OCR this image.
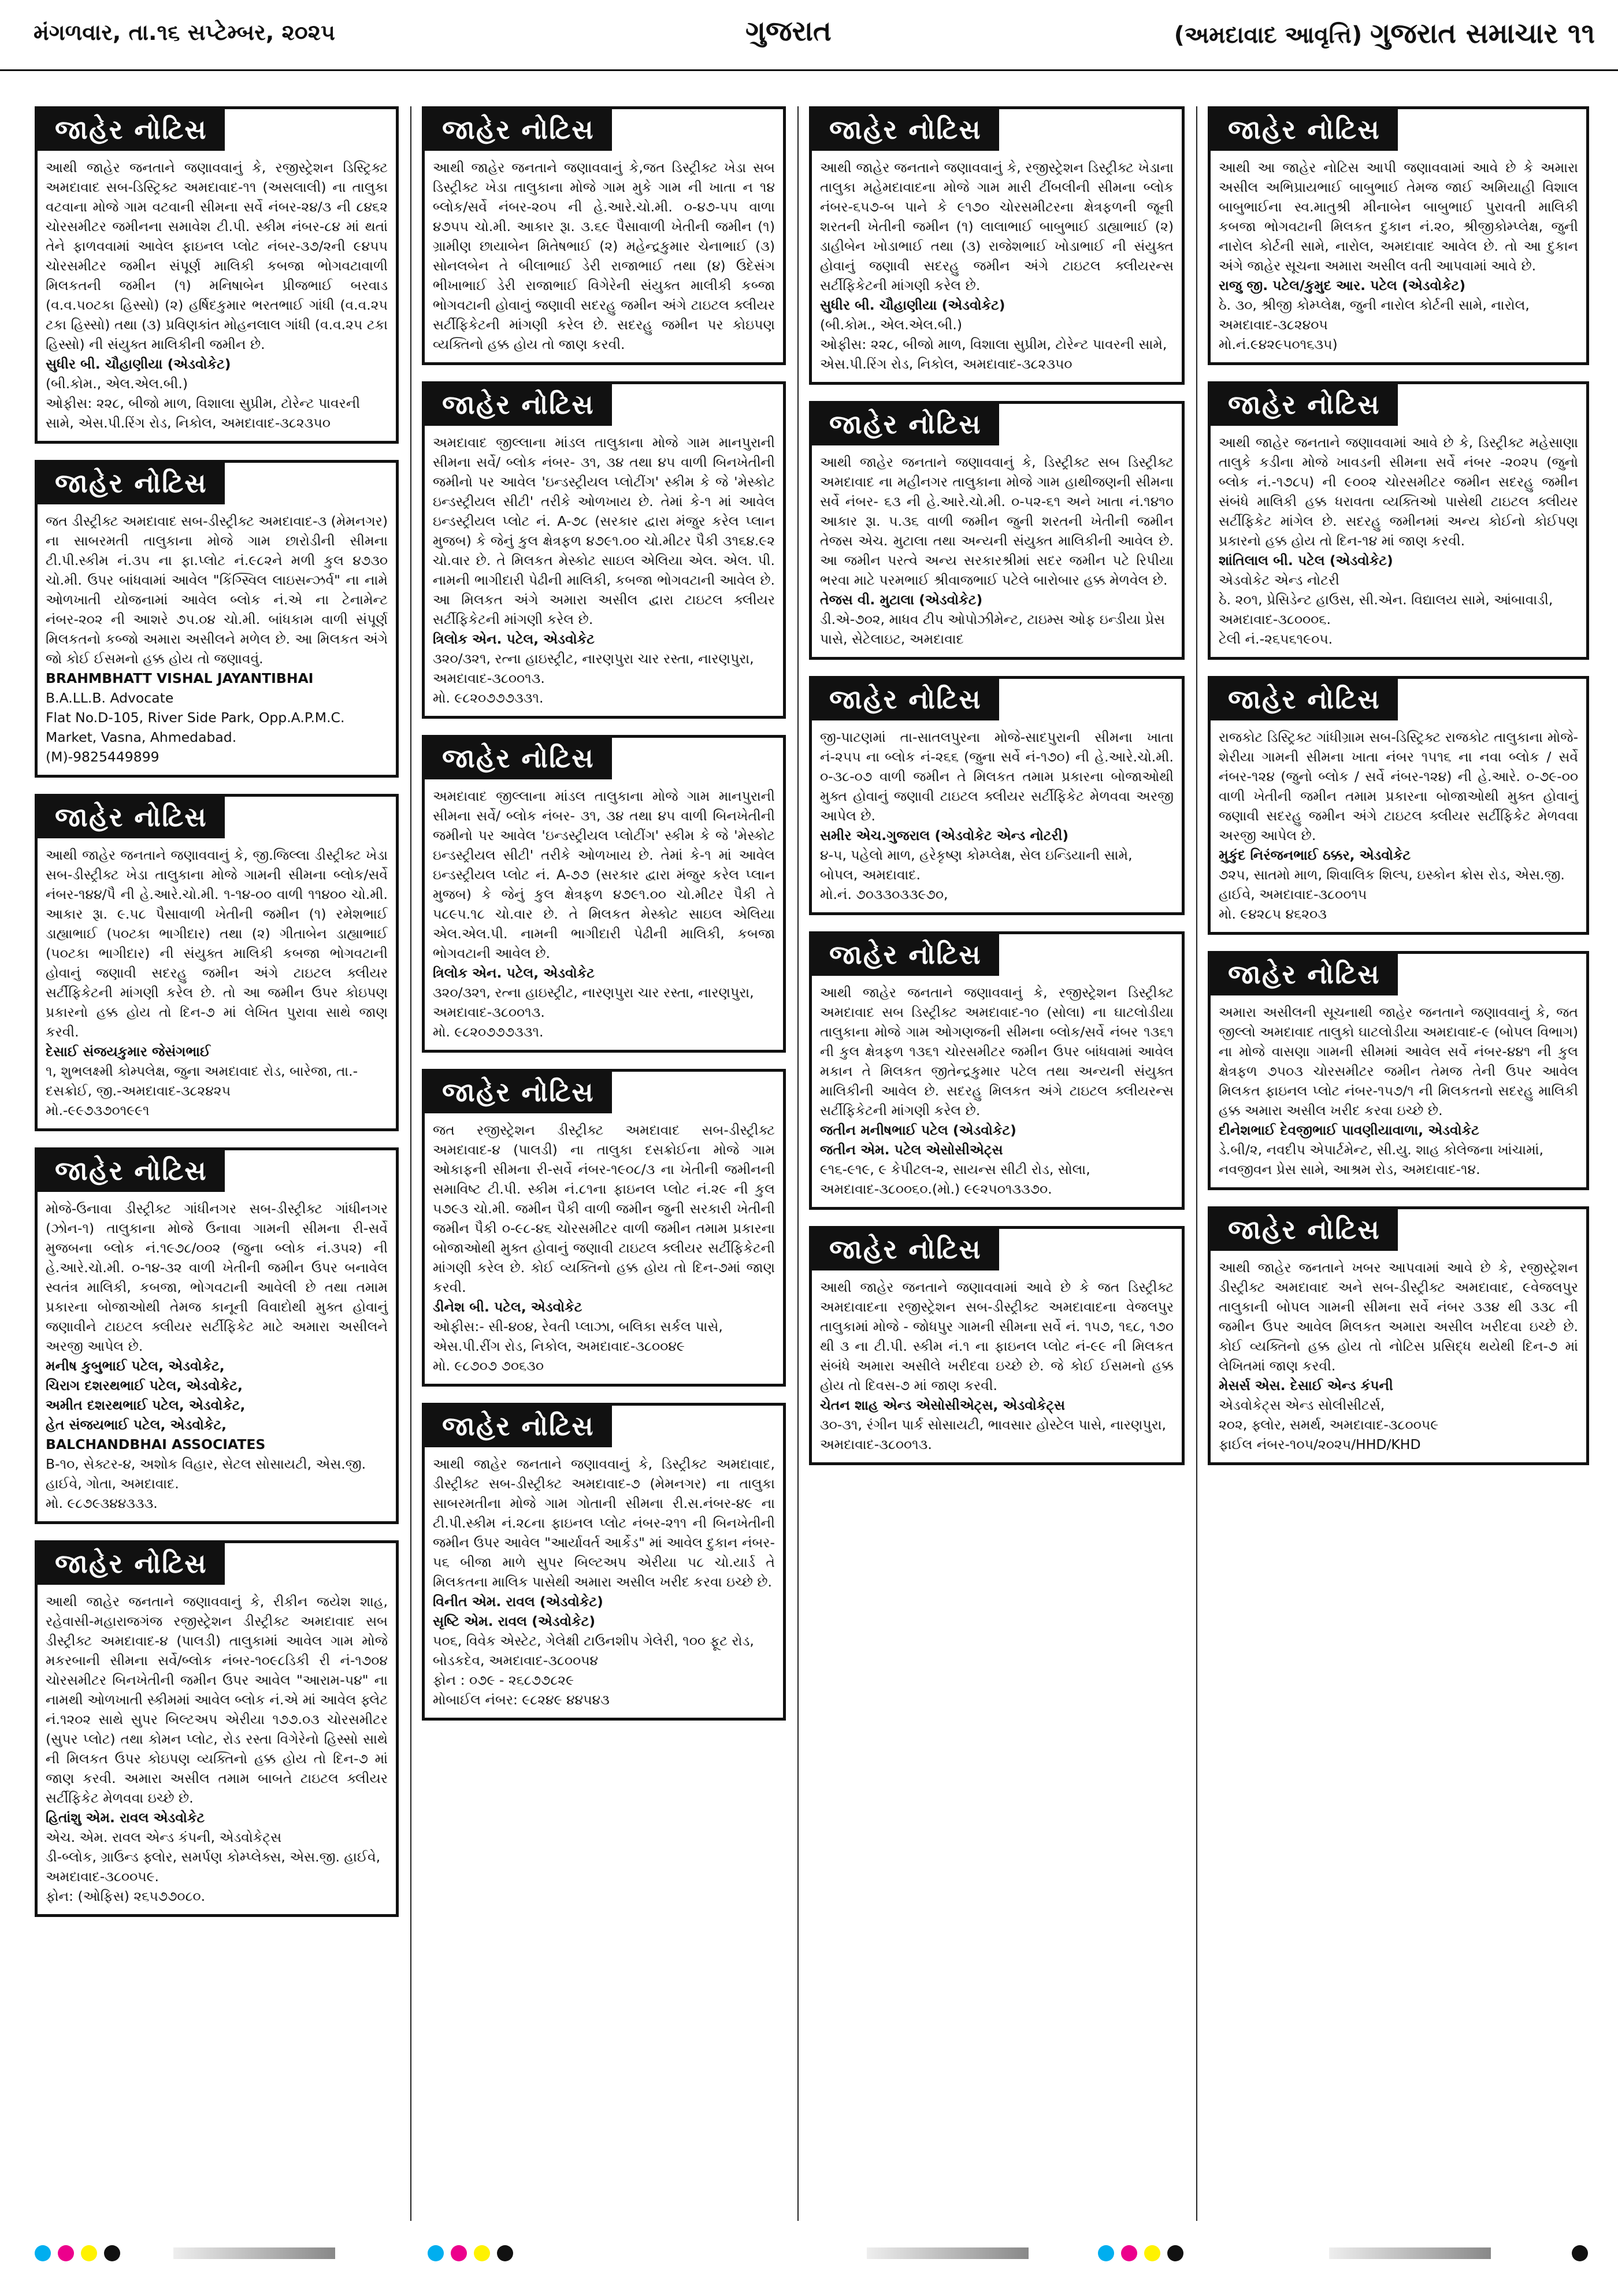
મંગળવાર, તા.૧૬ સપ્ટેમ્બર, ૨૦૨૫	ગુજરાત	(અમદાવાદ આવૃત્તિ) ગુજરાત સમાચાર ૧૧
જાહેર નોટિસ
આથી જાહેર જનતાને જણાવવાનું કે, રજીસ્ટ્રેશન ડિસ્ટ્રિક્ટ અમદાવાદ સબ-ડિસ્ટ્રિક્ટ અમદાવાદ-૧૧ (અસલાલી) ના તાલુકા વટવાના મોજે ગામ વટવાની સીમના સર્વે નંબર-૨૪/૩ ની ૮૪૬૨ ચોરસમીટર જમીનના સમાવેશ ટી.પી. સ્કીમ નંબર-૮૪ માં થતાં તેને ફાળવવામાં આવેલ ફાઇનલ પ્લોટ નંબર-૩૭/૨ની ૯૪૫૫ ચોરસમીટર જમીન સંપૂર્ણ માલિકી કબજા ભોગવટાવાળી મિલકતની જમીન (૧) મનિષાબેન પ્રીજભાઈ બરવાડ (વ.વ.૫૦ટકા હિસ્સો) (૨) હર્ષિદકુમાર ભરતભાઈ ગાંધી (વ.વ.૨૫ ટકા હિસ્સો) તથા (૩) પ્રવિણકાંત મોહનલાલ ગાંધી (વ.વ.૨૫ ટકા હિસ્સો) ની સંયુક્ત માલિકીની જમીન છે.
સુધીર બી. ચૌહાણીયા (એડવોકેટ)
(બી.કોમ., એલ.એલ.બી.)
ઓફીસ: ૨૨૮, બીજો માળ, વિશાલા સુપ્રીમ, ટોરેન્ટ પાવરની સામે, એસ.પી.રિંગ રોડ, નિકોલ, અમદાવાદ-૩૮૨૩૫૦
જાહેર નોટિસ
જત ડીસ્ટ્રીક્ટ અમદાવાદ સબ-ડીસ્ટ્રીક્ટ અમદાવાદ-૩ (મેમનગર) ના સાબરમતી તાલુકાના મોજે ગામ છારોડીની સીમના ટી.પી.સ્કીમ નં.૩૫ ના ફા.પ્લોટ નં.૯૮૨ને મળી કુલ ૪૭૩૦ ચો.મી. ઉપર બાંધવામાં આવેલ "કિંગ્સ્વિલ લાઇસન્ઝર્વ" ના નામે ઓળખાતી યોજનામાં આવેલ બ્લોક નં.એ ના ટેનામેન્ટ નંબર-૨૦૨ ની આશરે ૭૫.૦૪ ચો.મી. બાંધકામ વાળી સંપૂર્ણ મિલકતનો કબ્જો અમારા અસીલને મળેલ છે. આ મિલકત અંગે જો કોઈ ઈસમનો હક્ક હોય તો જણાવવું.
BRAHMBHATT VISHAL JAYANTIBHAI
B.A.LL.B. Advocate
Flat No.D-105, River Side Park, Opp.A.P.M.C. Market, Vasna, Ahmedabad.
(M)-9825449899
જાહેર નોટિસ
આથી જાહેર જનતાને જણાવવાનું કે, જી.જિલ્લા ડીસ્ટ્રીક્ટ ખેડા સબ-ડીસ્ટ્રીક્ટ ખેડા તાલુકાના મોજે ગામની સીમના બ્લોક/સર્વે નંબર-૧૪૪/પૈ ની હે.આરે.ચો.મી. ૧-૧૪-૦૦ વાળી ૧૧૪૦૦ ચો.મી. આકાર રૂા. ૯.૫૮ પૈસાવાળી ખેતીની જમીન (૧) રમેશભાઈ ડાહ્યાભાઈ (૫૦ટકા ભાગીદાર) તથા (૨) ગીતાબેન ડાહ્યાભાઈ (૫૦ટકા ભાગીદાર) ની સંયુક્ત માલિકી કબજા ભોગવટાની હોવાનું જણાવી સદરહુ જમીન અંગે ટાઇટલ ક્લીયર સર્ટીફિકેટની માંગણી કરેલ છે. તો આ જમીન ઉપર કોઇપણ પ્રકારનો હક્ક હોય તો દિન-૭ માં લેખિત પુરાવા સાથે જાણ કરવી.
દેસાઈ સંજયકુમાર જેસંગભાઈ
૧, શુભલક્ષ્મી કોમ્પલેક્ષ, જુના અમદાવાદ રોડ, બારેજા, તા.-દસક્રોઈ, જી.-અમદાવાદ-૩૮૨૪૨૫
મો.-૯૯૭૩૭૦૧૯૯૧
જાહેર નોટિસ
મોજે-ઉનાવા ડીસ્ટ્રીક્ટ ગાંધીનગર સબ-ડીસ્ટ્રીક્ટ ગાંધીનગર (ઝોન-૧) તાલુકાના મોજે ઉનાવા ગામની સીમના રી-સર્વે મુજબના બ્લોક નં.૧૯૭૮/૦૦૨ (જુના બ્લોક નં.૩૫૨) ની હે.આરે.ચો.મી. ૦-૧૪-૩૨ વાળી ખેતીની જમીન ઉપર બનાવેલ સ્વતંત્ર માલિકી, કબજા, ભોગવટાની આવેલી છે તથા તમામ પ્રકારના બોજાઓથી તેમજ કાનૂની વિવાદોથી મુક્ત હોવાનું જણાવીને ટાઇટલ ક્લીયર સર્ટીફિકેટ માટે અમારા અસીલને અરજી આપેલ છે.
મનીષ કુબુભાઈ પટેલ, એડવોકેટ,
ચિરાગ દશરથભાઈ પટેલ, એડવોકેટ,
અમીત દશરથભાઈ પટેલ, એડવોકેટ,
હેત સંજયભાઈ પટેલ, એડવોકેટ,
BALCHANDBHAI ASSOCIATES
B-૧૦, સેક્ટર-૪, અશોક વિહાર, સેટલ સોસાયટી, એસ.જી. હાઈવે, ગોતા, અમદાવાદ.
મો. ૯૮૭૯૩૪૪૩૩૩.
જાહેર નોટિસ
આથી જાહેર જનતાને જણાવવાનું કે, રીકીન જયેશ શાહ, રહેવાસી-મહારાજગંજ રજીસ્ટ્રેશન ડીસ્ટ્રીક્ટ અમદાવાદ સબ ડીસ્ટ્રીક્ટ અમદાવાદ-૪ (પાલડી) તાલુકામાં આવેલ ગામ મોજે મકરબાની સીમના સર્વે/બ્લોક નંબર-૧૦૯૮ડિકી રી નં-૧૭૦૪ ચોરસમીટર બિનખેતીની જમીન ઉપર આવેલ "આરામ-૫૪" ના નામથી ઓળખાતી સ્કીમમાં આવેલ બ્લોક નં.એ માં આવેલ ફ્લેટ નં.૧૨૦૨ સાથે સુપર બિલ્ટઅપ એરીયા ૧૭૭.૦૩ ચોરસમીટર (સુપર પ્લોટ) તથા કોમન પ્લોટ, રોડ રસ્તા વિગેરેનો હિસ્સો સાથે ની મિલકત ઉપર કોઇપણ વ્યક્તિનો હક્ક હોય તો દિન-૭ માં જાણ કરવી. અમારા અસીલ તમામ બાબતે ટાઇટલ ક્લીયર સર્ટીફિકેટ મેળવવા ઇચ્છે છે.
હિતાંશુ એમ. રાવલ એડવોકેટ
એચ. એમ. રાવલ એન્ડ કંપની, એડવોકેટ્સ
ડી-બ્લોક, ગ્રાઉન્ડ ફ્લોર, સમર્પણ કોમ્પ્લેક્સ, એસ.જી. હાઈવે, અમદાવાદ-૩૮૦૦૫૯.
ફોન: (ઓફિસ) ૨૬૫૭૭૦૮૦.
જાહેર નોટિસ
આથી જાહેર જનતાને જણાવવાનું કે,જત ડિસ્ટ્રીક્ટ ખેડા સબ ડિસ્ટ્રીક્ટ ખેડા તાલુકાના મોજે ગામ મુકે ગામ ની ખાતા ન ૧૪ બ્લોક/સર્વે નંબર-૨૦૫ ની હે.આરે.ચો.મી. ૦-૪૭-૫૫ વાળા ૪૭૫૫ ચો.મી. આકાર રૂા. ૩.૬૯ પૈસાવાળી ખેતીની જમીન (૧) ગ્રામીણ છાયાબેન મિતેષભાઈ (૨) મહેન્દ્રકુમાર ચેનાભાઈ (૩) સોનલબેન તે બીલાભાઈ ડેરી રાજાભાઈ તથા (૪) ઉદેસંગ ભીખાભાઈ ડેરી રાજાભાઈ વિગેરેની સંયુક્ત માલીકી કબ્જા ભોગવટાની હોવાનું જણાવી સદરહુ જમીન અંગે ટાઇટલ ક્લીયર સર્ટીફિકેટની માંગણી કરેલ છે. સદરહુ જમીન પર કોઇપણ વ્યક્તિનો હક્ક હોય તો જાણ કરવી.
જાહેર નોટિસ
અમદાવાદ જીલ્લાના માંડલ તાલુકાના મોજે ગામ માનપુરાની સીમના સર્વે/ બ્લોક નંબર- ૩૧, ૩૪ તથા ૪૫ વાળી બિનખેતીની જમીનો પર આવેલ 'ઇન્ડસ્ટ્રીયલ પ્લોટીંગ' સ્કીમ કે જે 'મેસ્કોટ ઇન્ડસ્ટ્રીયલ સીટી' તરીકે ઓળખાય છે. તેમાં કે-૧ માં આવેલ ઇન્ડસ્ટ્રીયલ પ્લોટ નં. A-૭૮ (સરકાર દ્વારા મંજુર કરેલ પ્લાન મુજબ) કે જેનું કુલ ક્ષેત્રફળ ૪૭૯૧.૦૦ ચો.મીટર પૈકી ૩૧૬૪.૯૨ ચો.વાર છે. તે મિલકત મેસ્કોટ સાઇલ એલિયા એલ. એલ. પી. નામની ભાગીદારી પેઢીની માલિકી, કબજા ભોગવટાની આવેલ છે. આ મિલકત અંગે અમારા અસીલ દ્વારા ટાઇટલ ક્લીયર સર્ટીફિકેટની માંગણી કરેલ છે.
ત્રિલોક એન. પટેલ, એડવોકેટ
૩૨૦/૩૨૧, રત્ના હાઇસ્ટ્રીટ, નારણપુરા ચાર રસ્તા, નારણપુરા, અમદાવાદ-૩૮૦૦૧૩.
મો. ૯૮૨૦૭૭૭૩૩૧.
જાહેર નોટિસ
અમદાવાદ જીલ્લાના માંડલ તાલુકાના મોજે ગામ માનપુરાની સીમના સર્વે/ બ્લોક નંબર- ૩૧, ૩૪ તથા ૪૫ વાળી બિનખેતીની જમીનો પર આવેલ 'ઇન્ડસ્ટ્રીયલ પ્લોટીંગ' સ્કીમ કે જે 'મેસ્કોટ ઇન્ડસ્ટ્રીયલ સીટી' તરીકે ઓળખાય છે. તેમાં કે-૧ માં આવેલ ઇન્ડસ્ટ્રીયલ પ્લોટ નં. A-૭૭ (સરકાર દ્વારા મંજુર કરેલ પ્લાન મુજબ) કે જેનું કુલ ક્ષેત્રફળ ૪૭૯૧.૦૦ ચો.મીટર પૈકી તે ૫૮૯૫.૧૮ ચો.વાર છે. તે મિલકત મેસ્કોટ સાઇલ એલિયા એલ.એલ.પી. નામની ભાગીદારી પેઢીની માલિકી, કબજા ભોગવટાની આવેલ છે.
ત્રિલોક એન. પટેલ, એડવોકેટ
૩૨૦/૩૨૧, રત્ના હાઇસ્ટ્રીટ, નારણપુરા ચાર રસ્તા, નારણપુરા, અમદાવાદ-૩૮૦૦૧૩.
મો. ૯૮૨૦૭૭૭૩૩૧.
જાહેર નોટિસ
જત રજીસ્ટ્રેશન ડીસ્ટ્રીક્ટ અમદાવાદ સબ-ડીસ્ટ્રીક્ટ અમદાવાદ-૪ (પાલડી) ના તાલુકા દસક્રોઈના મોજે ગામ ઓકાફની સીમના રી-સર્વે નંબર-૧૯૦૮/૩ ના ખેતીની જમીનની સમાવિષ્ટ ટી.પી. સ્કીમ નં.૮૧ના ફાઇનલ પ્લોટ નં.૨૯ ની કુલ ૫૭૯૩ ચો.મી. જમીન પૈકી વાળી જમીન જુની સરકારી ખેતીની જમીન પૈકી ૦-૯૮-૪૬ ચોરસમીટર વાળી જમીન તમામ પ્રકારના બોજાઓથી મુક્ત હોવાનું જણાવી ટાઇટલ ક્લીયર સર્ટીફિકેટની માંગણી કરેલ છે. કોઈ વ્યક્તિનો હક્ક હોય તો દિન-૭માં જાણ કરવી.
ડીનેશ બી. પટેલ, એડવોકેટ
ઓફીસ:- સી-૪૦૪, રેવતી પ્લાઝા, બલિકા સર્કલ પાસે, એસ.પી.રીંગ રોડ, નિકોલ, અમદાવાદ-૩૮૦૦૪૯
મો. ૯૮૭૦૭ ૭૦૬૩૦
જાહેર નોટિસ
આથી જાહેર જનતાને જણાવવાનું કે, ડિસ્ટ્રીક્ટ અમદાવાદ, ડીસ્ટ્રીક્ટ સબ-ડીસ્ટ્રીક્ટ અમદાવાદ-૭ (મેમનગર) ના તાલુકા સાબરમતીના મોજે ગામ ગોતાની સીમના રી.સ.નંબર-૪૯ ના ટી.પી.સ્કીમ નં.૨૮ના ફાઇનલ પ્લોટ નંબર-૨૧૧ ની બિનખેતીની જમીન ઉપર આવેલ "આર્યાવર્ત આર્કેડ" માં આવેલ દુકાન નંબર- ૫૬ બીજા માળે સુપર બિલ્ટઅપ એરીયા ૫૮ ચો.યાર્ડ તે મિલકતના માલિક પાસેથી અમારા અસીલ ખરીદ કરવા ઇચ્છે છે.
વિનીત એમ. રાવલ (એડવોકેટ)
સૃષ્ટિ એમ. રાવલ (એડવોકેટ)
૫૦૬, વિવેક એસ્ટેટ, ગેલેક્ષી ટાઉનશીપ ગેલેરી, ૧૦૦ ફૂટ રોડ, બોડકદેવ, અમદાવાદ-૩૮૦૦૫૪
ફોન : ૦૭૯ - ૨૬૮૭૭૮૨૯
મોબાઈલ નંબર: ૯૮૨૪૯ ૪૪૫૪૩
જાહેર નોટિસ
આથી જાહેર જનતાને જણાવવાનું કે, રજીસ્ટ્રેશન ડિસ્ટ્રીક્ટ ખેડાના તાલુકા મહેમદાવાદના મોજે ગામ મારી ટીંબલીની સીમના બ્લોક નંબર-૬૫૭-બ પાને કે ૯૧૭૦ ચોરસમીટરના ક્ષેત્રફળની જૂની શરતની ખેતીની જમીન (૧) લાલાભાઈ બાબુભાઈ ડાહ્યાભાઈ (૨) ડાહીબેન ખોડાભાઈ તથા (૩) રાજેશભાઈ ખોડાભાઈ ની સંયુક્ત હોવાનું જણાવી સદરહુ જમીન અંગે ટાઇટલ ક્લીયરન્સ સર્ટીફિકેટની માંગણી કરેલ છે.
સુધીર બી. ચૌહાણીયા (એડવોકેટ)
(બી.કોમ., એલ.એલ.બી.)
ઓફીસ: ૨૨૮, બીજો માળ, વિશાલા સુપ્રીમ, ટોરેન્ટ પાવરની સામે, એસ.પી.રિંગ રોડ, નિકોલ, અમદાવાદ-૩૮૨૩૫૦
જાહેર નોટિસ
આથી જાહેર જનતાને જણાવવાનું કે, ડિસ્ટ્રીક્ટ સબ ડિસ્ટ્રીક્ટ અમદાવાદ ના મહીનગર તાલુકાના મોજે ગામ હાથીજણની સીમના સર્વે નંબર- ૬૩ ની હે.આરે.ચો.મી. ૦-૫૨-૬૧ અને ખાતા નં.૧૪૧૦ આકાર રૂા. ૫.૩૬ વાળી જમીન જુની શરતની ખેતીની જમીન તેજસ એચ. મુટાલા તથા અન્યની સંયુક્ત માલિકીની આવેલ છે. આ જમીન પરત્વે અન્ય સરકારશ્રીમાં સદર જમીન પટે રિપીયા ભરવા માટે પરમભાઈ શ્રીવાજભાઈ પટેલે બારોબાર હક્ક મેળવેલ છે.
તેજસ વી. મુટાલા (એડવોકેટ)
ડી.એ-૭૦૨, માધવ ટીપ ઓપોઝીમેન્ટ, ટાઇમ્સ ઓફ ઇન્ડીયા પ્રેસ પાસે, સેટેલાઇટ, અમદાવાદ
જાહેર નોટિસ
જી-પાટણમાં તા-સાતલપુરના મોજે-સાદપુરાની સીમના ખાતા નં-૨૫૫ ના બ્લોક નં-૨૬૬ (જુના સર્વે નં-૧૭૦) ની હે.આરે.ચો.મી. ૦-૩૮-૦૭ વાળી જમીન તે મિલકત તમામ પ્રકારના બોજાઓથી મુક્ત હોવાનું જણાવી ટાઇટલ ક્લીયર સર્ટીફિકેટ મેળવવા અરજી આપેલ છે.
સમીર એચ.ગુજરાલ (એડવોકેટ એન્ડ નોટરી)
૪-૫, પહેલો માળ, હરેકૃષ્ણ કોમ્પ્લેક્ષ, સેલ ઇન્ડિયાની સામે, બોપલ, અમદાવાદ.
મો.નં. ૭૦૩૩૦૩૩૯૭૦,
જાહેર નોટિસ
આથી જાહેર જનતાને જણાવવાનું કે, રજીસ્ટ્રેશન ડિસ્ટ્રીક્ટ અમદાવાદ સબ ડિસ્ટ્રીક્ટ અમદાવાદ-૧૦ (સોલા) ના ઘાટલોડીયા તાલુકાના મોજે ગામ ઓગણજની સીમના બ્લોક/સર્વે નંબર ૧૩૬૧ ની કુલ ક્ષેત્રફળ ૧૩૬૧ ચોરસમીટર જમીન ઉપર બાંધવામાં આવેલ મકાન તે મિલકત જીતેન્દ્રકુમાર પટેલ તથા અન્યની સંયુક્ત માલિકીની આવેલ છે. સદરહુ મિલકત અંગે ટાઇટલ ક્લીયરન્સ સર્ટીફિકેટની માંગણી કરેલ છે.
જતીન મનીષભાઈ પટેલ (એડવોકેટ)
જતીન એમ. પટેલ એસોસીએટ્સ
૯૧૬-૯૧૯, ૯ કેપીટલ-૨, સાયન્સ સીટી રોડ, સોલા, અમદાવાદ-૩૮૦૦૬૦.(મો.) ૯૯૨૫૦૧૩૩૭૦.
જાહેર નોટિસ
આથી જાહેર જનતાને જણાવવામાં આવે છે કે જત ડિસ્ટ્રીક્ટ અમદાવાદના રજીસ્ટ્રેશન સબ-ડીસ્ટ્રીક્ટ અમદાવાદના વેજલપુર તાલુકામાં મોજે - જોધપુર ગામની સીમના સર્વે નં. ૧૫૭, ૧૬૮, ૧૭૦ થી ૩ ના ટી.પી. સ્કીમ નં.૧ ના ફાઇનલ પ્લોટ નં-૯૯ ની મિલકત સંબંધે અમારા અસીલે ખરીદવા ઇચ્છે છે. જે કોઈ ઈસમનો હક્ક હોય તો દિવસ-૭ માં જાણ કરવી.
ચેતન શાહ એન્ડ એસોસીએટ્સ, એડવોકેટ્સ
૩૦-૩૧, રંગીન પાર્ક સોસાયટી, ભાવસાર હોસ્ટેલ પાસે, નારણપુરા, અમદાવાદ-૩૮૦૦૧૩.
જાહેર નોટિસ
આથી આ જાહેર નોટિસ આપી જણાવવામાં આવે છે કે અમારા અસીલ અભિપ્રાયભાઈ બાબુભાઈ તેમજ જાઈ અમિયાહી વિશાલ બાબુભાઈના સ્વ.માતુશ્રી મીનાબેન બાબુભાઈ પુરાવતી માલિકી કબજા ભોગવટાની મિલકત દુકાન નં.૨૦, શ્રીજીકોમ્પ્લેક્ષ, જુની નારોલ કોર્ટની સામે, નારોલ, અમદાવાદ આવેલ છે. તો આ દુકાન અંગે જાહેર સૂચના અમારા અસીલ વતી આપવામાં આવે છે.
રાજુ જી. પટેલ/કુમુદ આર. પટેલ (એડવોકેટ)
ઠે. ૩૦, શ્રીજી કોમ્પ્લેક્ષ, જુની નારોલ કોર્ટની સામે, નારોલ, અમદાવાદ-૩૮૨૪૦૫
મો.નં.૯૪૨૯૫૦૧૬૩૫)
જાહેર નોટિસ
આથી જાહેર જનતાને જણાવવામાં આવે છે કે, ડિસ્ટ્રીક્ટ મહેસાણા તાલુકે કડીના મોજે ખાવડની સીમના સર્વે નંબર -૨૦૨૫ (જુનો બ્લોક નં.-૧૭૮૫) ની ૯૦૦૨ ચોરસમીટર જમીન સદરહુ જમીન સંબંધે માલિકી હક્ક ધરાવતા વ્યક્તિઓ પાસેથી ટાઇટલ ક્લીયર સર્ટીફિકેટ માંગેલ છે. સદરહુ જમીનમાં અન્ય કોઈનો કોઈપણ પ્રકારનો હક્ક હોય તો દિન-૧૪ માં જાણ કરવી.
શાંતિલાલ બી. પટેલ (એડવોકેટ)
એડવોકેટ એન્ડ નોટરી
ઠે. ૨૦૧, પ્રેસિડેન્ટ હાઉસ, સી.એન. વિદ્યાલય સામે, આંબાવાડી, અમદાવાદ-૩૮૦૦૦૬.
ટેલી નં.-૨૬૫૬૧૯૦૫.
જાહેર નોટિસ
રાજકોટ ડિસ્ટ્રિક્ટ ગાંધીગ્રામ સબ-ડિસ્ટ્રિક્ટ રાજકોટ તાલુકાના મોજે-શેરીયા ગામની સીમના ખાતા નંબર ૧૫૧૬ ના નવા બ્લોક / સર્વે નંબર-૧૨૪ (જુનો બ્લોક / સર્વે નંબર-૧૨૪) ની હે.આરે. ૦-૭૯-૦૦ વાળી ખેતીની જમીન તમામ પ્રકારના બોજાઓથી મુક્ત હોવાનું જણાવી સદરહુ જમીન અંગે ટાઇટલ ક્લીયર સર્ટીફિકેટ મેળવવા અરજી આપેલ છે.
મુકુંદ નિરંજનભાઈ ઠક્કર, એડવોકેટ
૭૨૫, સાતમો માળ, શિવાલિક શિલ્પ, ઇસ્કોન ક્રોસ રોડ, એસ.જી. હાઈવે, અમદાવાદ-૩૮૦૦૧૫
મો. ૯૪૨૮૫ ૪૬૨૦૩
જાહેર નોટિસ
અમારા અસીલની સૂચનાથી જાહેર જનતાને જણાવવાનું કે, જત જીલ્લો અમદાવાદ તાલુકો ઘાટલોડીયા અમદાવાદ-૯ (બોપલ વિભાગ) ના મોજે વાસણા ગામની સીમમાં આવેલ સર્વે નંબર-૪૪૧ ની કુલ ક્ષેત્રફળ ૭૫૦૩ ચોરસમીટર જમીન તેમજ તેની ઉપર આવેલ મિલકત ફાઇનલ પ્લોટ નંબર-૧૫૭/૧ ની મિલકતનો સદરહુ માલિકી હક્ક અમારા અસીલ ખરીદ કરવા ઇચ્છે છે.
દીનેશભાઈ દેવજીભાઈ પાવણીયાવાળા, એડવોકેટ
ડે.બી/૨, નવદીપ એપાર્ટમેન્ટ, સી.યુ. શાહ કોલેજના ખાંચામાં, નવજીવન પ્રેસ સામે, આશ્રમ રોડ, અમદાવાદ-૧૪.
જાહેર નોટિસ
આથી જાહેર જનતાને ખબર આપવામાં આવે છે કે, રજીસ્ટ્રેશન ડીસ્ટ્રીક્ટ અમદાવાદ અને સબ-ડીસ્ટ્રીક્ટ અમદાવાદ, ૯વેજલપુર તાલુકાની બોપલ ગામની સીમના સર્વે નંબર ૩૩૪ થી ૩૩૮ ની જમીન ઉપર આવેલ મિલકત અમારા અસીલ ખરીદવા ઇચ્છે છે. કોઈ વ્યક્તિનો હક્ક હોય તો નોટિસ પ્રસિદ્ધ થયેથી દિન-૭ માં લેખિતમાં જાણ કરવી.
મેસર્સ એસ. દેસાઈ એન્ડ કંપની
એડવોકેટ્સ એન્ડ સોલીસીટર્સ,
૨૦૨, ફ્લોર, સમર્થ, અમદાવાદ-૩૮૦૦૫૯
ફાઈલ નંબર-૧૦૫/૨૦૨૫/HHD/KHD
